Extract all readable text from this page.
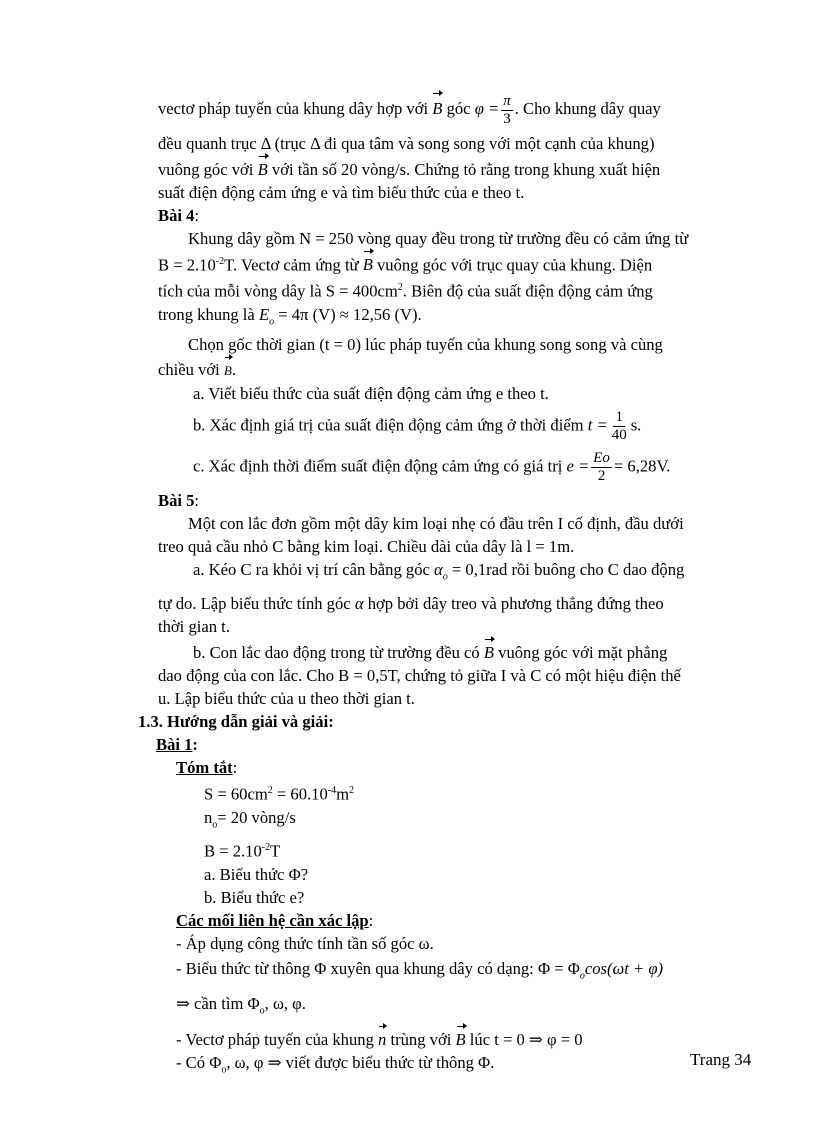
vectơ pháp tuyến của khung dây hợp với B góc $\varphi = \frac{\pi}{3}$ . Cho khung dây quay

đều quanh trục Δ (trục Δ đi qua tâm và song song với một cạnh của khung)

vuông góc với B với tần số 20 vòng/s. Chứng tỏ rằng trong khung xuất hiện

suất điện động cảm ứng e và tìm biểu thức của e theo t.

Bài 4:

Khung dây gồm N = 250 vòng quay đều trong từ trường đều có cảm ứng từ

$B = 2.10^{-2}T$. Vectơ cảm ứng từ B vuông góc với trục quay của khung. Diện

tích của mỗi vòng dây là $S = 400cm^2$. Biên độ của suất điện động cảm ứng

trong khung là $E_o = 4\pi$ (V) ≈ 12,56 (V).

Chọn gốc thời gian (t = 0) lúc pháp tuyến của khung song song và cùng

chiều với B.

a. Viết biểu thức của suất điện động cảm ứng e theo t.

b. Xác định giá trị của suất điện động cảm ứng ở thời điểm $t = \frac{1}{40} s$.

c. Xác định thời điểm suất điện động cảm ứng có giá trị $e = \frac{Eo}{2} = 6,28V$.

Bài 5:

Một con lắc đơn gồm một dây kim loại nhẹ có đầu trên I cố định, đầu dưới

treo quả cầu nhỏ C bằng kim loại. Chiều dài của dây là l = 1m.

a. Kéo C ra khỏi vị trí cân bằng góc $\alpha_o = 0,1rad$ rồi buông cho C dao động

tự do. Lập biểu thức tính góc α hợp bởi dây treo và phương thẳng đứng theo

thời gian t.

b. Con lắc dao động trong từ trường đều có B vuông góc với mặt phẳng

dao động của con lắc. Cho B = 0,5T, chứng tỏ giữa I và C có một hiệu điện thế

u. Lập biểu thức của u theo thời gian t.

1.3. Hướng dẫn giải và giải:

Bài 1:

Tóm tắt:

$S = 60cm^2 = 60.10^{-4}m^2$

$n_o= 20$ vòng/s

$B = 2.10^{-2}T$

a. Biểu thức Φ?

b. Biểu thức e?

Các mối liên hệ cần xác lập:

- Áp dụng công thức tính tần số góc ω.

- Biểu thức từ thông Φ xuyên qua khung dây có dạng: $\Phi = \Phi_o\cos(\omega t + \varphi)$

⇒ cần tìm $\Phi_o$, ω, φ.

- Vectơ pháp tuyến của khung n trùng với B lúc t = 0 ⇒ φ = 0

- Có $\Phi_o$, ω, φ ⇒ viết được biểu thức từ thông Φ.	Trang 34
